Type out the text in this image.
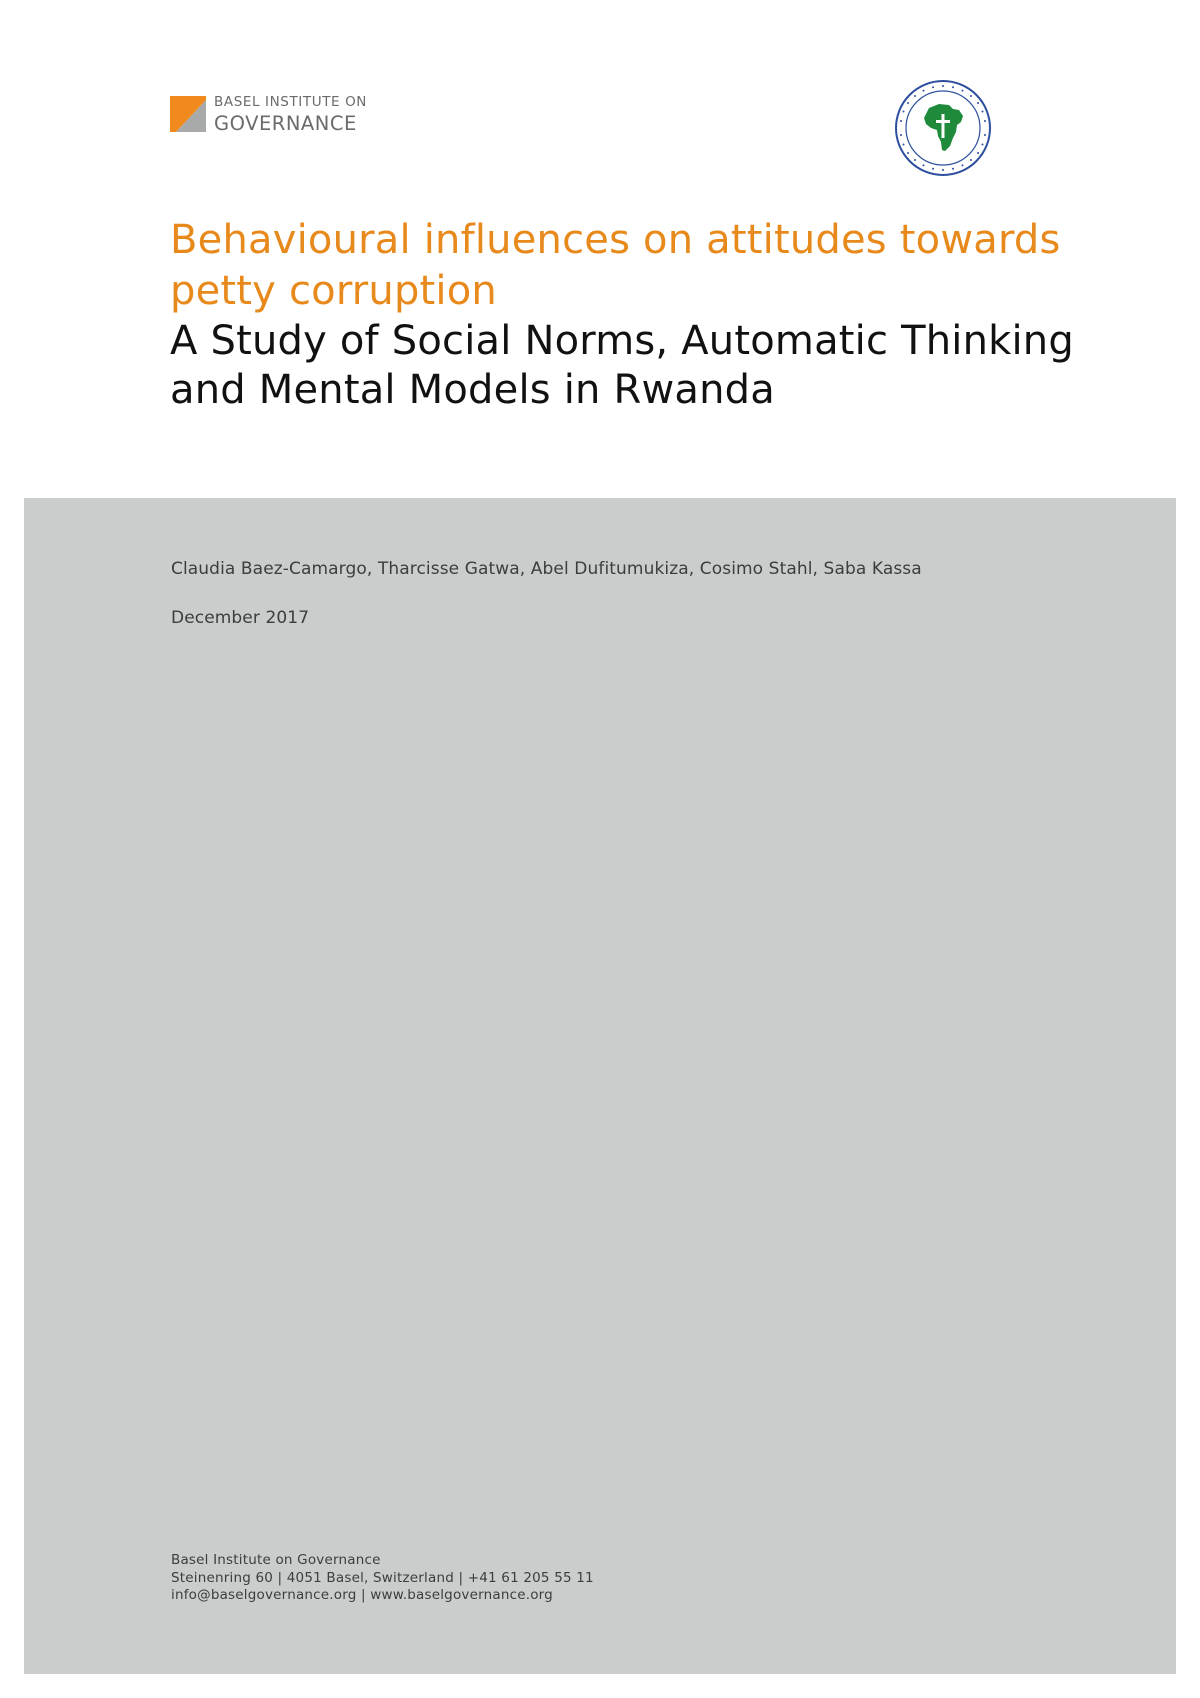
BASEL INSTITUTE ON
GOVERNANCE
Behavioural influences on attitudes towards
petty corruption
A Study of Social Norms, Automatic Thinking
and Mental Models in Rwanda
Claudia Baez-Camargo, Tharcisse Gatwa, Abel Dufitumukiza, Cosimo Stahl, Saba Kassa
December 2017
Basel Institute on Governance
Steinenring 60 | 4051 Basel, Switzerland | +41 61 205 55 11
info@baselgovernance.org | www.baselgovernance.org
